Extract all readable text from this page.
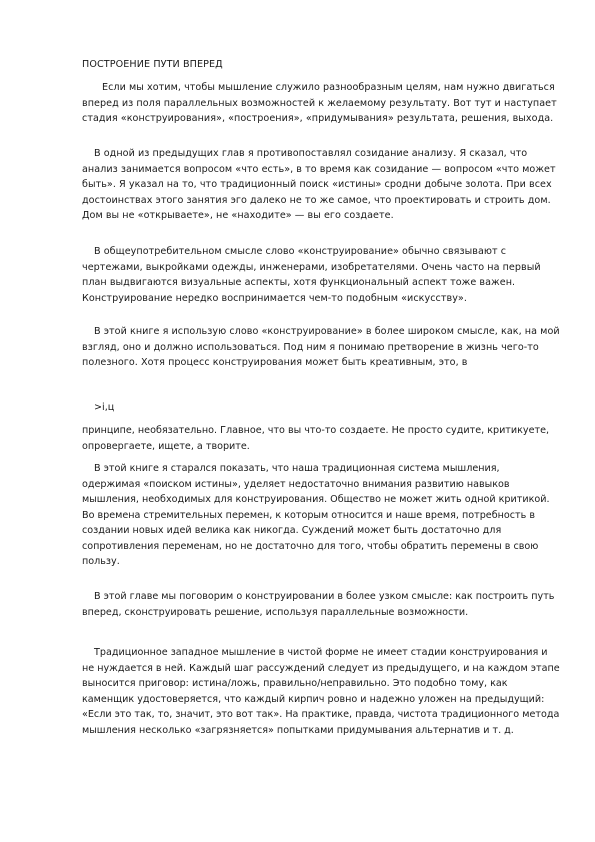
ПОСТРОЕНИЕ ПУТИ ВПЕРЕД

Если мы хотим, чтобы мышление служило разнообразным целям, нам нужно двигаться вперед из поля параллельных возможностей к желаемому результату. Вот тут и наступает стадия «конструирования», «построения», «придумывания» результата, решения, выхода.

В одной из предыдущих глав я противопоставлял созидание анализу. Я сказал, что анализ занимается вопросом «что есть», в то время как созидание — вопросом «что может быть». Я указал на то, что традиционный поиск «истины» сродни добыче золота. При всех достоинствах этого занятия эго далеко не то же самое, что проектировать и строить дом. Дом вы не «открываете», не «находите» — вы его создаете.

В общеупотребительном смысле слово «конструирование» обычно связывают с чертежами, выкройками одежды, инженерами, изобретателями. Очень часто на первый план выдвигаются визуальные аспекты, хотя функциональный аспект тоже важен. Конструирование нередко воспринимается чем-то подобным «искусству».

В этой книге я использую слово «конструирование» в более широком смысле, как, на мой взгляд, оно и должно использоваться. Под ним я понимаю претворение в жизнь чего-то полезного. Хотя процесс конструирования может быть креативным, это, в

>i,ц

принципе, необязательно. Главное, что вы что-то создаете. Не просто судите, критикуете, опровергаете, ищете, а творите.

В этой книге я старался показать, что наша традиционная система мышления, одержимая «поиском истины», уделяет недостаточно внимания развитию навыков мышления, необходимых для конструирования. Общество не может жить одной критикой. Во времена стремительных перемен, к которым относится и наше время, потребность в создании новых идей велика как никогда. Суждений может быть достаточно для сопротивления переменам, но не достаточно для того, чтобы обратить перемены в свою пользу.

В этой главе мы поговорим о конструировании в более узком смысле: как построить путь вперед, сконструировать решение, используя параллельные возможности.

Традиционное западное мышление в чистой форме не имеет стадии конструирования и не нуждается в ней. Каждый шаг рассуждений следует из предыдущего, и на каждом этапе выносится приговор: истина/ложь, правильно/неправильно. Это подобно тому, как каменщик удостоверяется, что каждый кирпич ровно и надежно уложен на предыдущий: «Если это так, то, значит, это вот так». На практике, правда, чистота традиционного метода мышления несколько «загрязняется» попытками придумывания альтернатив и т. д.
